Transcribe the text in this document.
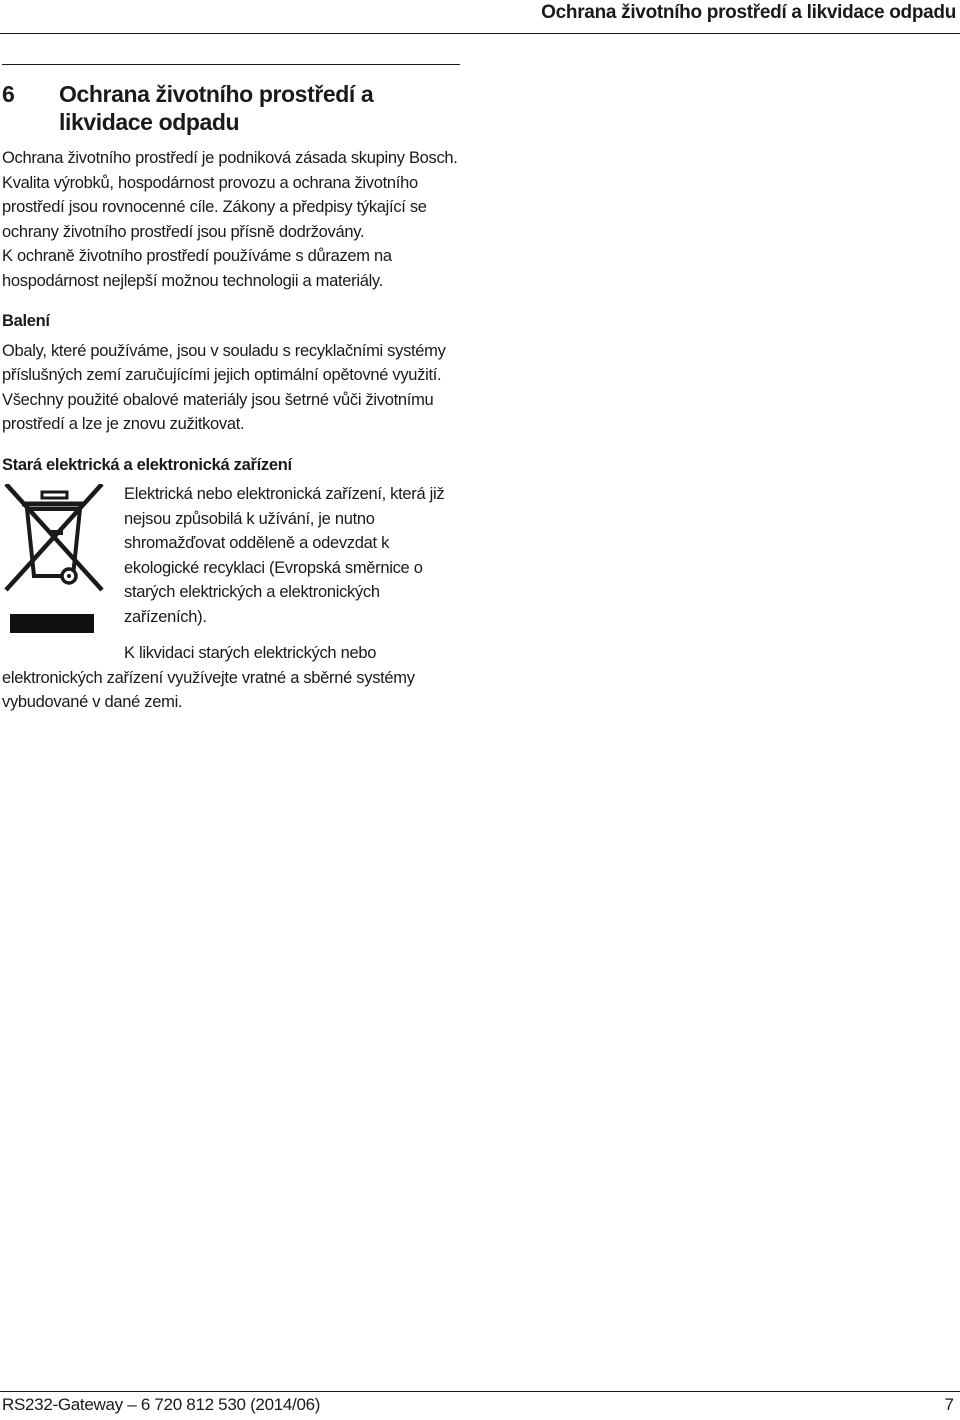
Ochrana životního prostředí a likvidace odpadu
6	Ochrana životního prostředí a likvidace odpadu

Ochrana životního prostředí je podniková zásada skupiny Bosch.

Kvalita výrobků, hospodárnost provozu a ochrana životního prostředí jsou rovnocenné cíle. Zákony a předpisy týkající se ochrany životního prostředí jsou přísně dodržovány.

K ochraně životního prostředí používáme s důrazem na hospodárnost nejlepší možnou technologii a materiály.

Balení

Obaly, které používáme, jsou v souladu s recyklačními systémy příslušných zemí zaručujícími jejich optimální opětovné využití. Všechny použité obalové materiály jsou šetrné vůči životnímu prostředí a lze je znovu zužitkovat.

Stará elektrická a elektronická zařízení

Elektrická nebo elektronická zařízení, která již nejsou způsobilá k užívání, je nutno shromažďovat odděleně a odevzdat k ekologické recyklaci (Evropská směrnice o starých elektrických a elektronických zařízeních).

K likvidaci starých elektrických nebo elektronických zařízení využívejte vratné a sběrné systémy vybudované v dané zemi.

RS232-Gateway – 6 720 812 530 (2014/06)	7
